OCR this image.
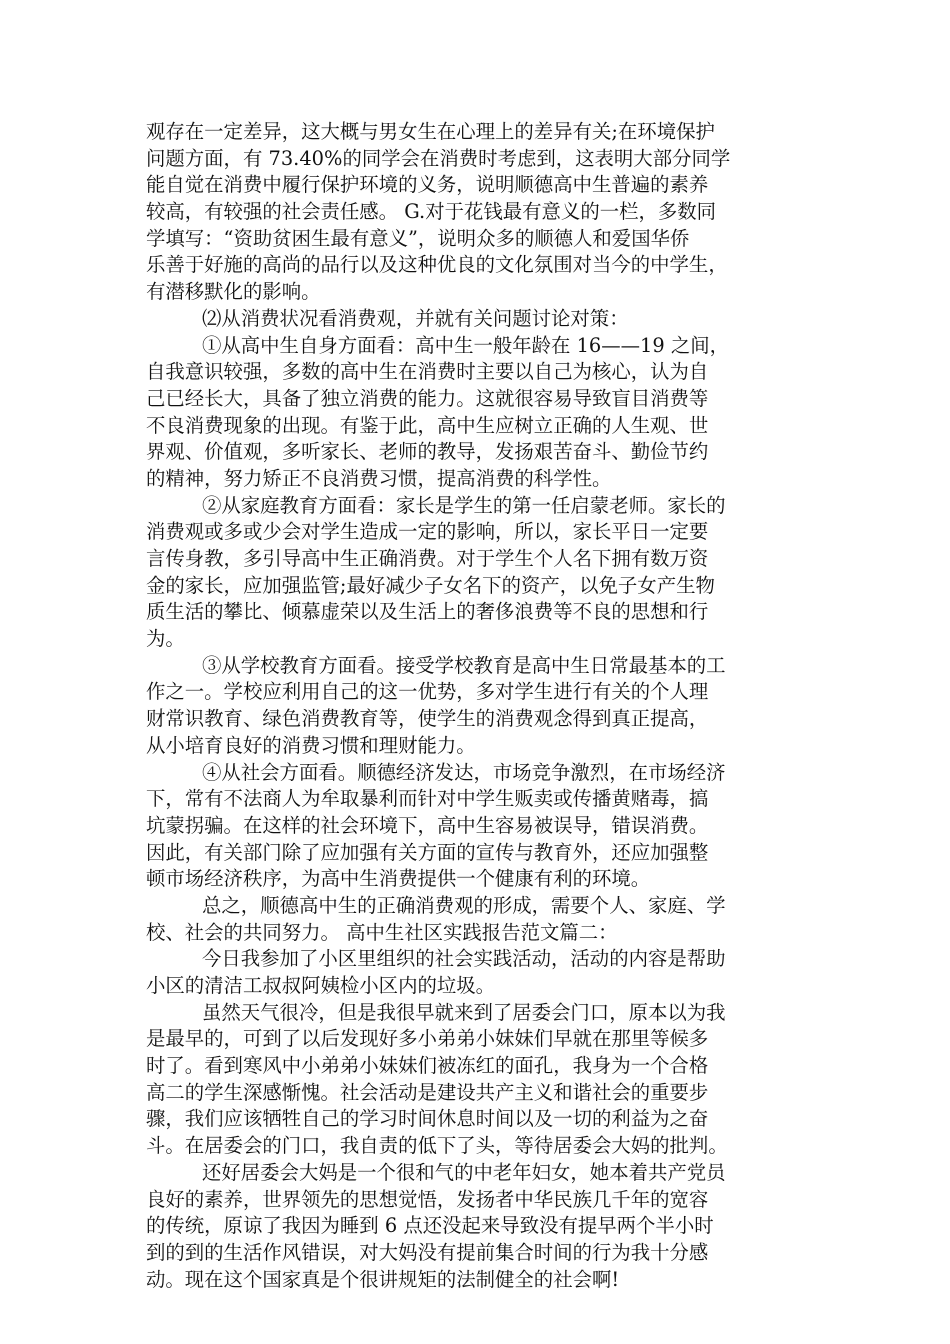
观存在一定差异，这大概与男女生在心理上的差异有关;在环境保护
问题方面，有 73.40%的同学会在消费时考虑到，这表明大部分同学
能自觉在消费中履行保护环境的义务，说明顺德高中生普遍的素养
较高，有较强的社会责任感。 G.对于花钱最有意义的一栏，多数同
学填写：“资助贫困生最有意义”，说明众多的顺德人和爱国华侨
乐善于好施的高尚的品行以及这种优良的文化氛围对当今的中学生，
有潜移默化的影响。
⑵从消费状况看消费观，并就有关问题讨论对策：
①从高中生自身方面看：高中生一般年龄在 16——19 之间，
自我意识较强，多数的高中生在消费时主要以自己为核心，认为自
己已经长大，具备了独立消费的能力。这就很容易导致盲目消费等
不良消费现象的出现。有鉴于此，高中生应树立正确的人生观、世
界观、价值观，多听家长、老师的教导，发扬艰苦奋斗、勤俭节约
的精神，努力矫正不良消费习惯，提高消费的科学性。
②从家庭教育方面看：家长是学生的第一任启蒙老师。家长的
消费观或多或少会对学生造成一定的影响，所以，家长平日一定要
言传身教，多引导高中生正确消费。对于学生个人名下拥有数万资
金的家长，应加强监管;最好减少子女名下的资产，以免子女产生物
质生活的攀比、倾慕虚荣以及生活上的奢侈浪费等不良的思想和行
为。
③从学校教育方面看。接受学校教育是高中生日常最基本的工
作之一。学校应利用自己的这一优势，多对学生进行有关的个人理
财常识教育、绿色消费教育等，使学生的消费观念得到真正提高，
从小培育良好的消费习惯和理财能力。
④从社会方面看。顺德经济发达，市场竞争激烈，在市场经济
下，常有不法商人为牟取暴利而针对中学生贩卖或传播黄赌毒，搞
坑蒙拐骗。在这样的社会环境下，高中生容易被误导，错误消费。
因此，有关部门除了应加强有关方面的宣传与教育外，还应加强整
顿市场经济秩序，为高中生消费提供一个健康有利的环境。
总之，顺德高中生的正确消费观的形成，需要个人、家庭、学
校、社会的共同努力。 高中生社区实践报告范文篇二：
今日我参加了小区里组织的社会实践活动，活动的内容是帮助
小区的清洁工叔叔阿姨检小区内的垃圾。
虽然天气很冷，但是我很早就来到了居委会门口，原本以为我
是最早的，可到了以后发现好多小弟弟小妹妹们早就在那里等候多
时了。看到寒风中小弟弟小妹妹们被冻红的面孔，我身为一个合格
高二的学生深感惭愧。社会活动是建设共产主义和谐社会的重要步
骤，我们应该牺牲自己的学习时间休息时间以及一切的利益为之奋
斗。在居委会的门口，我自责的低下了头，等待居委会大妈的批判。
还好居委会大妈是一个很和气的中老年妇女，她本着共产党员
良好的素养，世界领先的思想觉悟，发扬者中华民族几千年的宽容
的传统，原谅了我因为睡到 6 点还没起来导致没有提早两个半小时
到的到的生活作风错误，对大妈没有提前集合时间的行为我十分感
动。现在这个国家真是个很讲规矩的法制健全的社会啊!
